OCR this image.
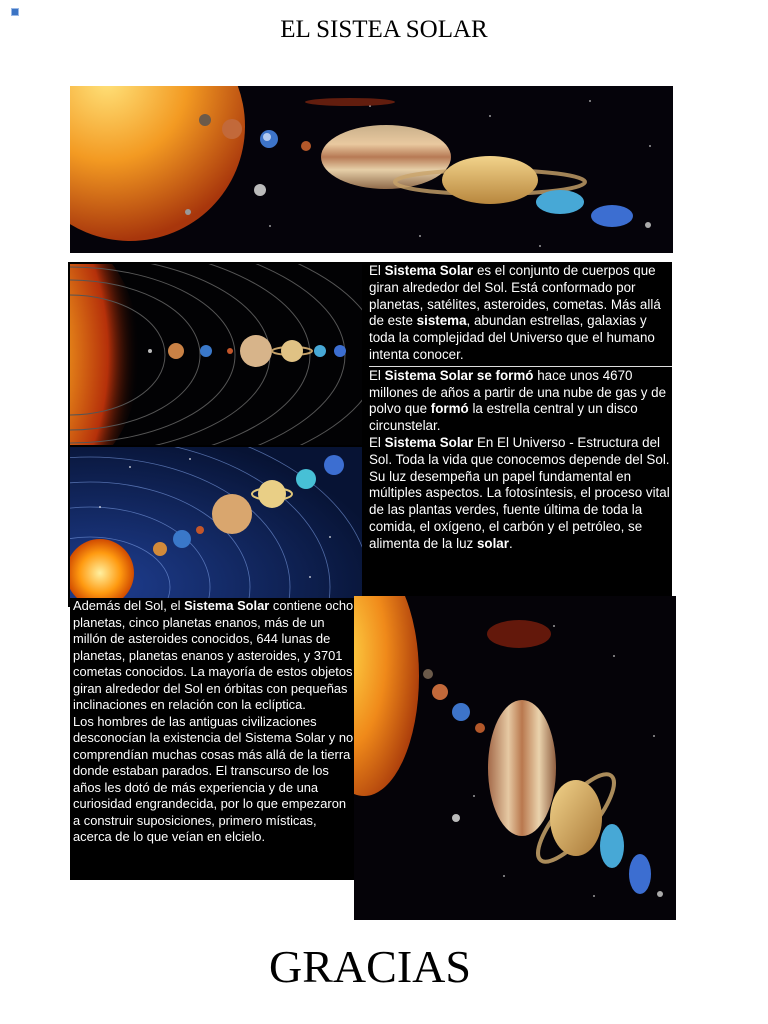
EL SISTEA SOLAR

El Sistema Solar es el conjunto de cuerpos que giran alrededor del Sol. Está conformado por planetas, satélites, asteroides, cometas. Más allá de este sistema, abundan estrellas, galaxias y toda la complejidad del Universo que el humano intenta conocer.

El Sistema Solar se formó hace unos 4670 millones de años a partir de una nube de gas y de polvo que formó la estrella central y un disco circunstelar.

El Sistema Solar En El Universo - Estructura del Sol. Toda la vida que conocemos depende del Sol. Su luz desempeña un papel fundamental en múltiples aspectos. La fotosíntesis, el proceso vital de las plantas verdes, fuente última de toda la comida, el oxígeno, el carbón y el petróleo, se alimenta de la luz solar.

Además del Sol, el Sistema Solar contiene ocho planetas, cinco planetas enanos, más de un millón de asteroides conocidos, 644 lunas de planetas, planetas enanos y asteroides, y 3701 cometas conocidos. La mayoría de estos objetos giran alrededor del Sol en órbitas con pequeñas inclinaciones en relación con la eclíptica.

Los hombres de las antiguas civilizaciones desconocían la existencia del Sistema Solar y no comprendían muchas cosas más allá de la tierra donde estaban parados. El transcurso de los años les dotó de más experiencia y de una curiosidad engrandecida, por lo que empezaron a construir suposiciones, primero místicas, acerca de lo que veían en elcielo.

GRACIAS
